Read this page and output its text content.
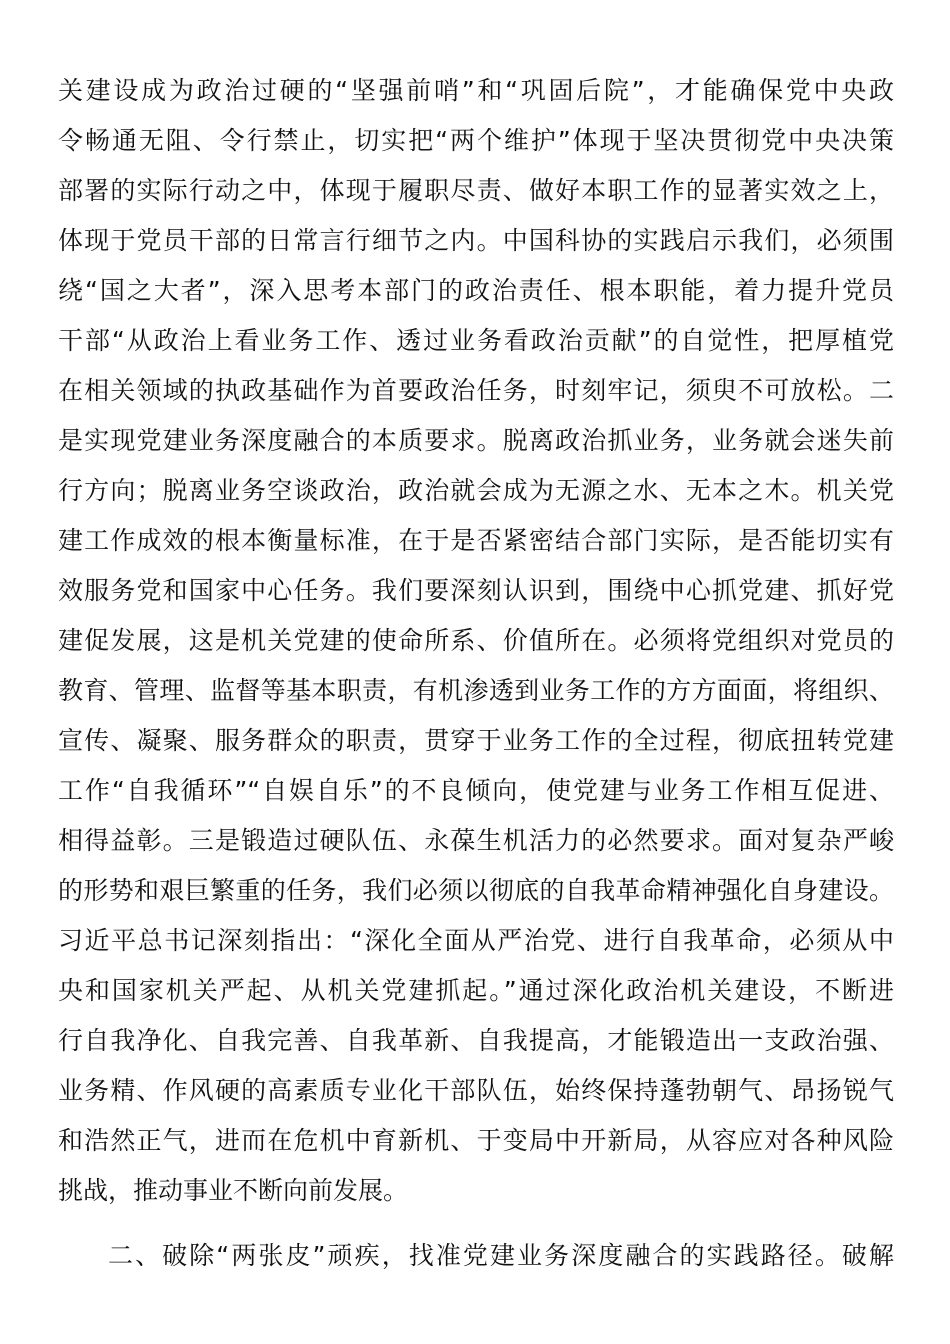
关建设成为政治过硬的“坚强前哨”和“巩固后院”，才能确保党中央政
令畅通无阻、令行禁止，切实把“两个维护”体现于坚决贯彻党中央决策
部署的实际行动之中，体现于履职尽责、做好本职工作的显著实效之上，
体现于党员干部的日常言行细节之内。中国科协的实践启示我们，必须围
绕“国之大者”，深入思考本部门的政治责任、根本职能，着力提升党员
干部“从政治上看业务工作、透过业务看政治贡献”的自觉性，把厚植党
在相关领域的执政基础作为首要政治任务，时刻牢记，须臾不可放松。二
是实现党建业务深度融合的本质要求。脱离政治抓业务，业务就会迷失前
行方向；脱离业务空谈政治，政治就会成为无源之水、无本之木。机关党
建工作成效的根本衡量标准，在于是否紧密结合部门实际，是否能切实有
效服务党和国家中心任务。我们要深刻认识到，围绕中心抓党建、抓好党
建促发展，这是机关党建的使命所系、价值所在。必须将党组织对党员的
教育、管理、监督等基本职责，有机渗透到业务工作的方方面面，将组织、
宣传、凝聚、服务群众的职责，贯穿于业务工作的全过程，彻底扭转党建
工作“自我循环”“自娱自乐”的不良倾向，使党建与业务工作相互促进、
相得益彰。三是锻造过硬队伍、永葆生机活力的必然要求。面对复杂严峻
的形势和艰巨繁重的任务，我们必须以彻底的自我革命精神强化自身建设。
习近平总书记深刻指出：“深化全面从严治党、进行自我革命，必须从中
央和国家机关严起、从机关党建抓起。”通过深化政治机关建设，不断进
行自我净化、自我完善、自我革新、自我提高，才能锻造出一支政治强、
业务精、作风硬的高素质专业化干部队伍，始终保持蓬勃朝气、昂扬锐气
和浩然正气，进而在危机中育新机、于变局中开新局，从容应对各种风险
挑战，推动事业不断向前发展。

二、破除“两张皮”顽疾，找准党建业务深度融合的实践路径。破解
